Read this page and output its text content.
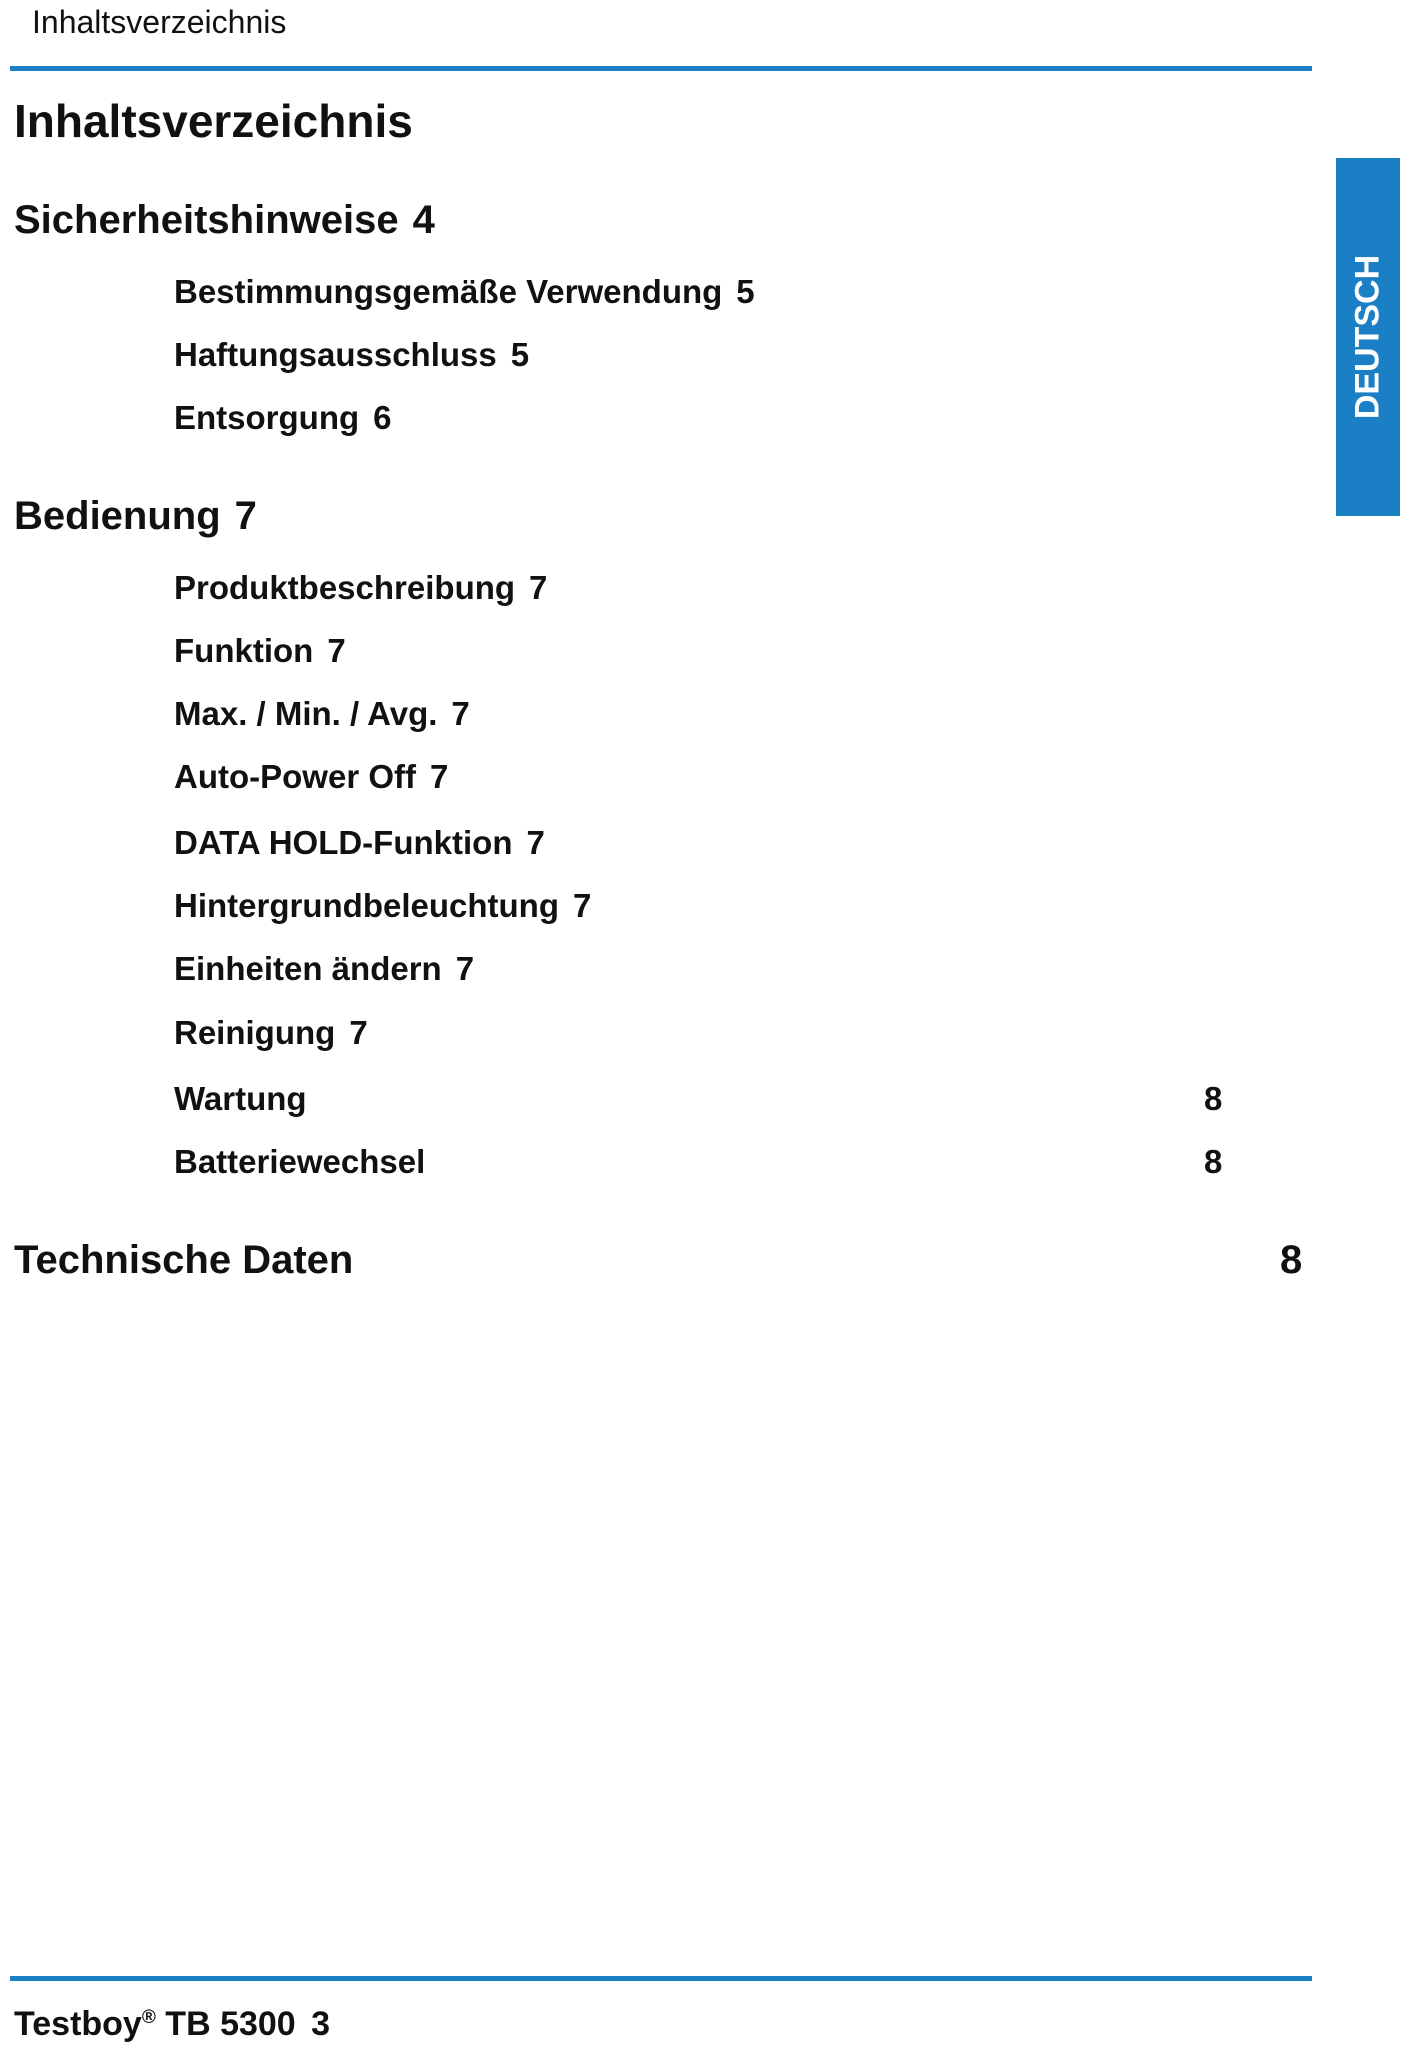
Inhaltsverzeichnis
Inhaltsverzeichnis
DEUTSCH
Sicherheitshinweise 4
Bestimmungsgemäße Verwendung 5
Haftungsausschluss 5
Entsorgung 6
Bedienung 7
Produktbeschreibung 7
Funktion 7
Max. / Min. / Avg. 7
Auto-Power Off 7
DATA HOLD-Funktion 7
Hintergrundbeleuchtung 7
Einheiten ändern 7
Reinigung 7
Wartung	8
Batteriewechsel	8
Technische Daten	8
Testboy® TB 5300 3
